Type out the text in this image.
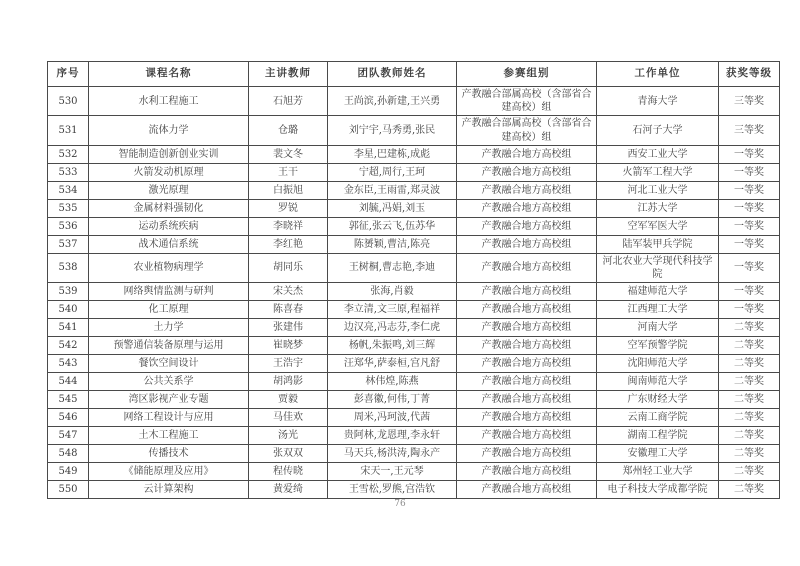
序号	课程名称	主讲教师	团队教师姓名	参赛组别	工作单位	获奖等级
530	水利工程施工	石旭芳	王尚滨,孙新建,王兴勇	产教融合部属高校（含部省合建高校）组	青海大学	三等奖
531	流体力学	仓璐	刘宁宇,马秀勇,张民	产教融合部属高校（含部省合建高校）组	石河子大学	三等奖
532	智能制造创新创业实训	裴文冬	李星,巴建栋,成彪	产教融合地方高校组	西安工业大学	一等奖
533	火箭发动机原理	王干	宁超,周行,王珂	产教融合地方高校组	火箭军工程大学	一等奖
534	激光原理	白振旭	金东臣,王雨雷,郑灵波	产教融合地方高校组	河北工业大学	一等奖
535	金属材料强韧化	罗锐	刘毓,冯娟,刘玉	产教融合地方高校组	江苏大学	一等奖
536	运动系统疾病	李晓祥	郭征,张云飞,伍苏华	产教融合地方高校组	空军军医大学	一等奖
537	战术通信系统	李红艳	陈赟颖,曹洁,陈亮	产教融合地方高校组	陆军装甲兵学院	一等奖
538	农业植物病理学	胡同乐	王树桐,曹志艳,李迪	产教融合地方高校组	河北农业大学现代科技学院	一等奖
539	网络舆情监测与研判	宋关杰	张海,肖毅	产教融合地方高校组	福建师范大学	一等奖
540	化工原理	陈喜春	李立清,文三原,程福祥	产教融合地方高校组	江西理工大学	一等奖
541	土力学	张建伟	边汉亮,冯志芬,李仁虎	产教融合地方高校组	河南大学	二等奖
542	预警通信装备原理与运用	崔晓梦	杨帆,朱振鸣,刘三辉	产教融合地方高校组	空军预警学院	二等奖
543	餐饮空间设计	王浩宇	汪郑华,萨泰桓,宫凡舒	产教融合地方高校组	沈阳师范大学	二等奖
544	公共关系学	胡鸿影	林伟煌,陈燕	产教融合地方高校组	闽南师范大学	二等奖
545	湾区影视产业专题	贾毅	彭喜徽,何伟,丁菁	产教融合地方高校组	广东财经大学	二等奖
546	网络工程设计与应用	马佳欢	周米,冯珂波,代茜	产教融合地方高校组	云南工商学院	二等奖
547	土木工程施工	汤光	贵阿林,龙恩理,李永轩	产教融合地方高校组	湖南工程学院	二等奖
548	传播技术	张双双	马天兵,杨洪涛,陶永产	产教融合地方高校组	安徽理工大学	二等奖
549	《储能原理及应用》	程传晓	宋天一,王元琴	产教融合地方高校组	郑州轻工业大学	二等奖
550	云计算架构	黄爱绮	王雪松,罗熊,宫浩钦	产教融合地方高校组	电子科技大学成都学院	二等奖
76
